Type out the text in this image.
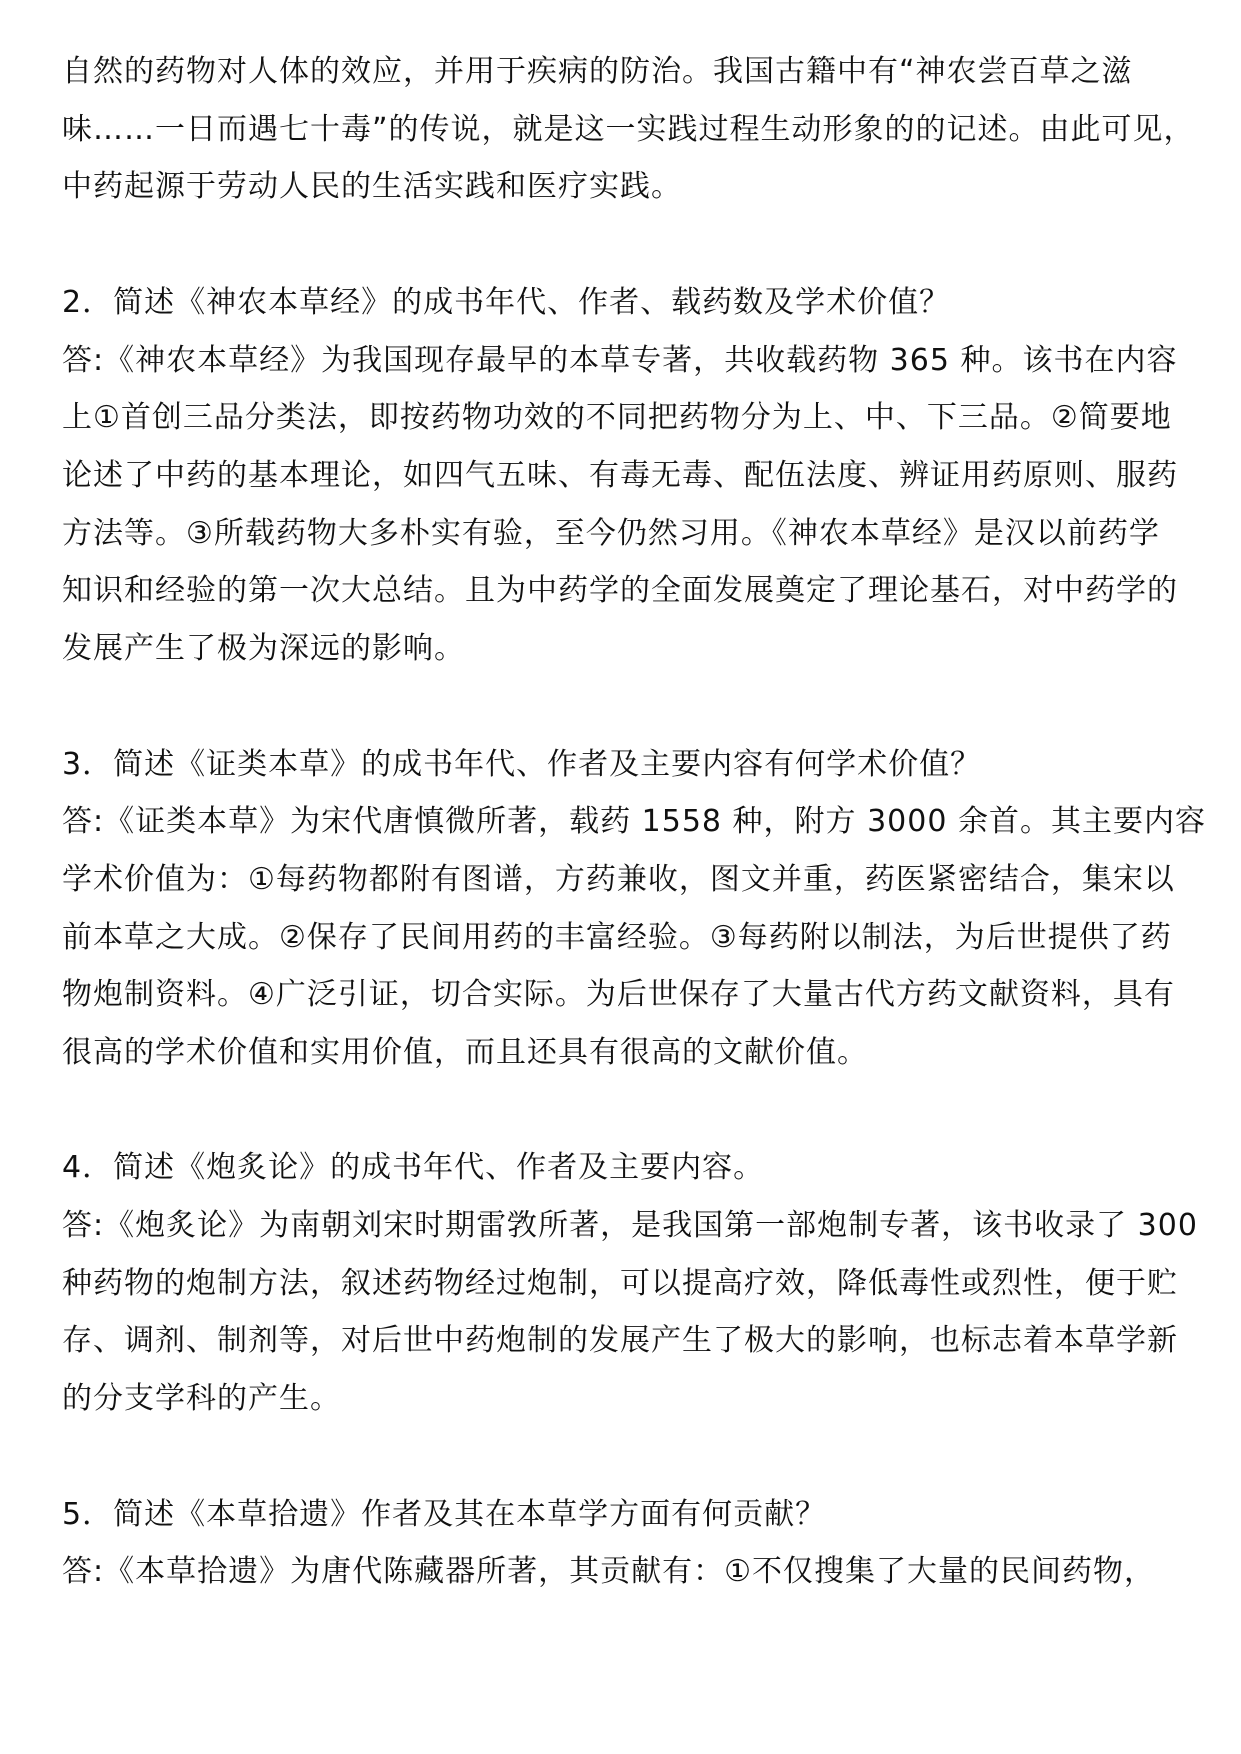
自然的药物对人体的效应，并用于疾病的防治。我国古籍中有“神农尝百草之滋
味……一日而遇七十毒”的传说，就是这一实践过程生动形象的的记述。由此可见，
中药起源于劳动人民的生活实践和医疗实践。
2．简述《神农本草经》的成书年代、作者、载药数及学术价值？
答:《神农本草经》为我国现存最早的本草专著，共收载药物 365 种。该书在内容
上①首创三品分类法，即按药物功效的不同把药物分为上、中、下三品。②简要地
论述了中药的基本理论，如四气五味、有毒无毒、配伍法度、辨证用药原则、服药
方法等。③所载药物大多朴实有验，至今仍然习用。《神农本草经》是汉以前药学
知识和经验的第一次大总结。且为中药学的全面发展奠定了理论基石，对中药学的
发展产生了极为深远的影响。
3．简述《证类本草》的成书年代、作者及主要内容有何学术价值？
答:《证类本草》为宋代唐慎微所著，载药 1558 种，附方 3000 余首。其主要内容
学术价值为：①每药物都附有图谱，方药兼收，图文并重，药医紧密结合，集宋以
前本草之大成。②保存了民间用药的丰富经验。③每药附以制法，为后世提供了药
物炮制资料。④广泛引证，切合实际。为后世保存了大量古代方药文献资料，具有
很高的学术价值和实用价值，而且还具有很高的文献价值。
4．简述《炮炙论》的成书年代、作者及主要内容。
答:《炮炙论》为南朝刘宋时期雷敩所著，是我国第一部炮制专著，该书收录了 300
种药物的炮制方法，叙述药物经过炮制，可以提高疗效，降低毒性或烈性，便于贮
存、调剂、制剂等，对后世中药炮制的发展产生了极大的影响，也标志着本草学新
的分支学科的产生。
5．简述《本草拾遗》作者及其在本草学方面有何贡献？
答:《本草拾遗》为唐代陈藏器所著，其贡献有：①不仅搜集了大量的民间药物，
